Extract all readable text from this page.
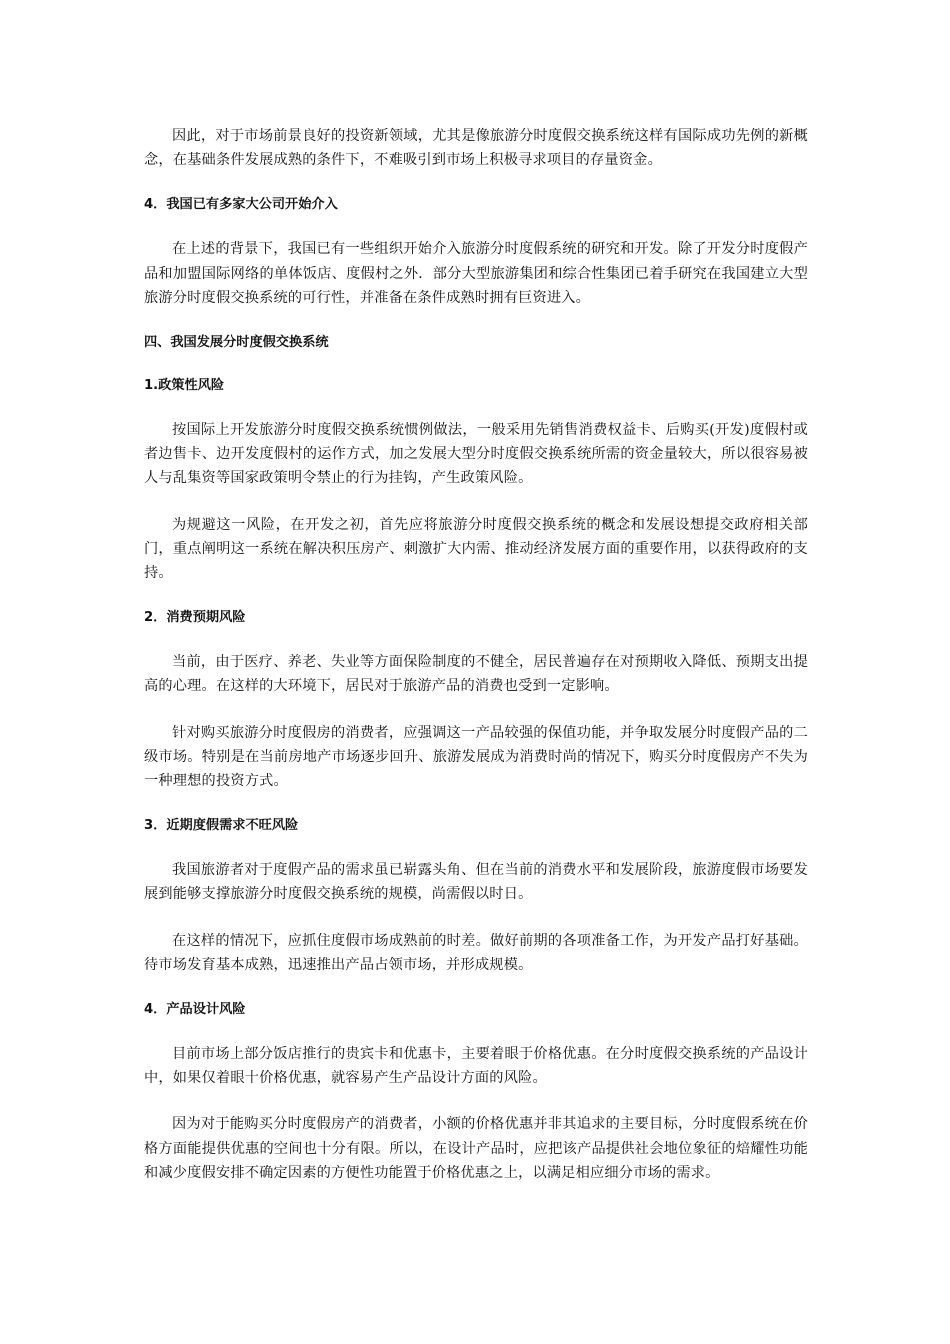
因此，对于市场前景良好的投资新领域，尤其是像旅游分时度假交换系统这样有国际成功先例的新概念，在基础条件发展成熟的条件下，不难吸引到市场上积极寻求项目的存量资金。

4．我国已有多家大公司开始介入

在上述的背景下，我国已有一些组织开始介入旅游分时度假系统的研究和开发。除了开发分时度假产品和加盟国际网络的单体饭店、度假村之外．部分大型旅游集团和综合性集团已着手研究在我国建立大型旅游分时度假交换系统的可行性，并准备在条件成熟时拥有巨资进入。

四、我国发展分时度假交换系统

1.政策性风险

按国际上开发旅游分时度假交换系统惯例做法，一般采用先销售消费权益卡、后购买(开发)度假村或者边售卡、边开发度假村的运作方式，加之发展大型分时度假交换系统所需的资金量较大，所以很容易被人与乱集资等国家政策明令禁止的行为挂钩，产生政策风险。

为规避这一风险，在开发之初，首先应将旅游分时度假交换系统的概念和发展设想提交政府相关部门，重点阐明这一系统在解决积压房产、刺激扩大内需、推动经济发展方面的重要作用，以获得政府的支持。

2．消费预期风险

当前，由于医疗、养老、失业等方面保险制度的不健全，居民普遍存在对预期收入降低、预期支出提高的心理。在这样的大环境下，居民对于旅游产品的消费也受到一定影响。

针对购买旅游分时度假房的消费者，应强调这一产品较强的保值功能，并争取发展分时度假产品的二级市场。特别是在当前房地产市场逐步回升、旅游发展成为消费时尚的情况下，购买分时度假房产不失为一种理想的投资方式。

3．近期度假需求不旺风险

我国旅游者对于度假产品的需求虽已崭露头角、但在当前的消费水平和发展阶段，旅游度假市场要发展到能够支撑旅游分时度假交换系统的规模，尚需假以时日。

在这样的情况下，应抓住度假市场成熟前的时差。做好前期的各项准备工作，为开发产品打好基础。待市场发育基本成熟，迅速推出产品占领市场，并形成规模。

4．产品设计风险

目前市场上部分饭店推行的贵宾卡和优惠卡，主要着眼于价格优惠。在分时度假交换系统的产品设计中，如果仅着眼十价格优惠，就容易产生产品设计方面的风险。

因为对于能购买分时度假房产的消费者，小额的价格优惠并非其追求的主要目标，分时度假系统在价格方面能提供优惠的空间也十分有限。所以，在设计产品时，应把该产品提供社会地位象征的焙耀性功能和减少度假安排不确定因素的方便性功能置于价格优惠之上，以满足相应细分市场的需求。
